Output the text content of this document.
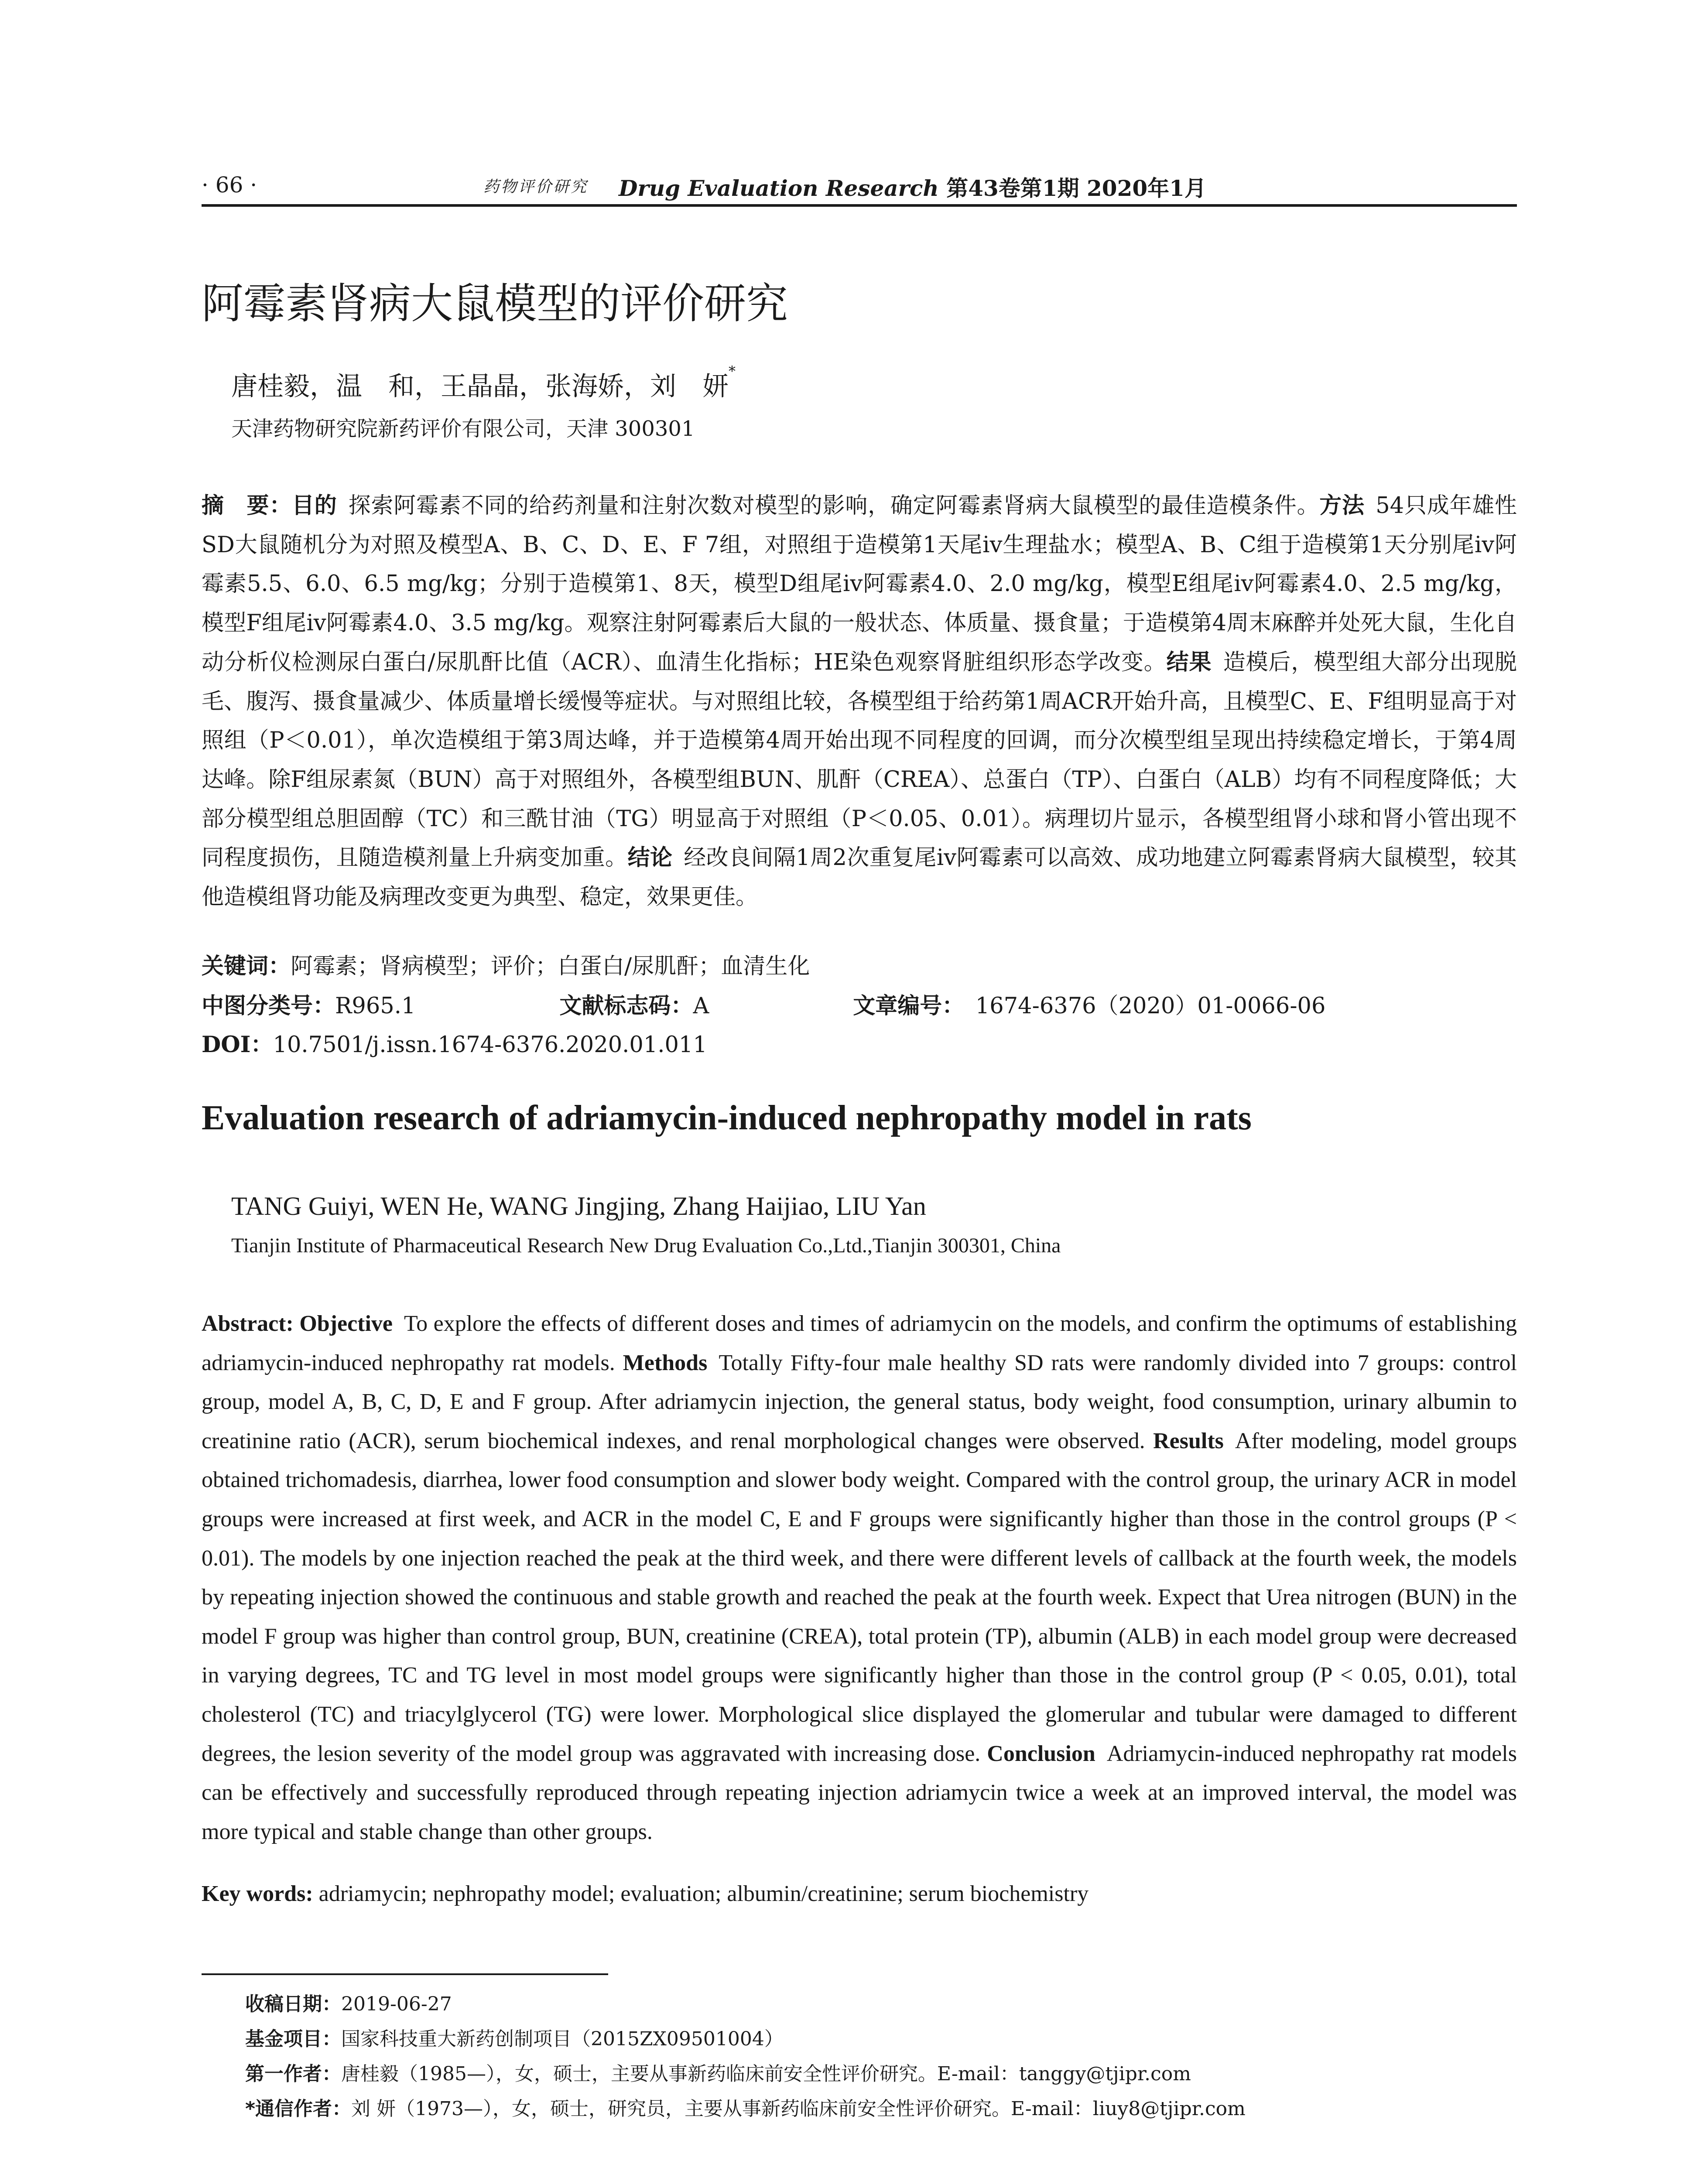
· 66 ·	药物评价研究 Drug Evaluation Research 第43卷第1期 2020年1月
阿霉素肾病大鼠模型的评价研究
唐桂毅，温　和，王晶晶，张海娇，刘　妍*
天津药物研究院新药评价有限公司，天津 300301
摘　要：目的  探索阿霉素不同的给药剂量和注射次数对模型的影响，确定阿霉素肾病大鼠模型的最佳造模条件。方法  54只成年雄性SD大鼠随机分为对照及模型A、B、C、D、E、F 7组，对照组于造模第1天尾iv生理盐水；模型A、B、C组于造模第1天分别尾iv阿霉素5.5、6.0、6.5 mg/kg；分别于造模第1、8天，模型D组尾iv阿霉素4.0、2.0 mg/kg，模型E组尾iv阿霉素4.0、2.5 mg/kg，模型F组尾iv阿霉素4.0、3.5 mg/kg。观察注射阿霉素后大鼠的一般状态、体质量、摄食量；于造模第4周末麻醉并处死大鼠，生化自动分析仪检测尿白蛋白/尿肌酐比值（ACR）、血清生化指标；HE染色观察肾脏组织形态学改变。结果  造模后，模型组大部分出现脱毛、腹泻、摄食量减少、体质量增长缓慢等症状。与对照组比较，各模型组于给药第1周ACR开始升高，且模型C、E、F组明显高于对照组（P＜0.01），单次造模组于第3周达峰，并于造模第4周开始出现不同程度的回调，而分次模型组呈现出持续稳定增长，于第4周达峰。除F组尿素氮（BUN）高于对照组外，各模型组BUN、肌酐（CREA）、总蛋白（TP）、白蛋白（ALB）均有不同程度降低；大部分模型组总胆固醇（TC）和三酰甘油（TG）明显高于对照组（P＜0.05、0.01）。病理切片显示，各模型组肾小球和肾小管出现不同程度损伤，且随造模剂量上升病变加重。结论  经改良间隔1周2次重复尾iv阿霉素可以高效、成功地建立阿霉素肾病大鼠模型，较其他造模组肾功能及病理改变更为典型、稳定，效果更佳。
关键词：阿霉素；肾病模型；评价；白蛋白/尿肌酐；血清生化
中图分类号：R965.1	文献标志码：A	文章编号：  1674-6376（2020）01-0066-06
DOI：10.7501/j.issn.1674-6376.2020.01.011
Evaluation research of adriamycin-induced nephropathy model in rats
TANG Guiyi, WEN He, WANG Jingjing, Zhang Haijiao, LIU Yan
Tianjin Institute of Pharmaceutical Research New Drug Evaluation Co.,Ltd.,Tianjin 300301, China
Abstract: Objective  To explore the effects of different doses and times of adriamycin on the models, and confirm the optimums of establishing adriamycin-induced nephropathy rat models. Methods  Totally Fifty-four male healthy SD rats were randomly divided into 7 groups: control group, model A, B, C, D, E and F group. After adriamycin injection, the general status, body weight, food consumption, urinary albumin to creatinine ratio (ACR), serum biochemical indexes, and renal morphological changes were observed. Results  After modeling, model groups obtained trichomadesis, diarrhea, lower food consumption and slower body weight. Compared with the control group, the urinary ACR in model groups were increased at first week, and ACR in the model C, E and F groups were significantly higher than those in the control groups (P < 0.01). The models by one injection reached the peak at the third week, and there were different levels of callback at the fourth week, the models by repeating injection showed the continuous and stable growth and reached the peak at the fourth week. Expect that Urea nitrogen (BUN) in the model F group was higher than control group, BUN, creatinine (CREA), total protein (TP), albumin (ALB) in each model group were decreased in varying degrees, TC and TG level in most model groups were significantly higher than those in the control group (P < 0.05, 0.01), total cholesterol (TC) and triacylglycerol (TG) were lower. Morphological slice displayed the glomerular and tubular were damaged to different degrees, the lesion severity of the model group was aggravated with increasing dose. Conclusion  Adriamycin-induced nephropathy rat models can be effectively and successfully reproduced through repeating injection adriamycin twice a week at an improved interval, the model was more typical and stable change than other groups.
Key words: adriamycin; nephropathy model; evaluation; albumin/creatinine; serum biochemistry
收稿日期：2019-06-27
基金项目：国家科技重大新药创制项目（2015ZX09501004）
第一作者：唐桂毅（1985—），女，硕士，主要从事新药临床前安全性评价研究。E-mail：tanggy@tjipr.com
*通信作者：刘 妍（1973—），女，硕士，研究员，主要从事新药临床前安全性评价研究。E-mail：liuy8@tjipr.com
